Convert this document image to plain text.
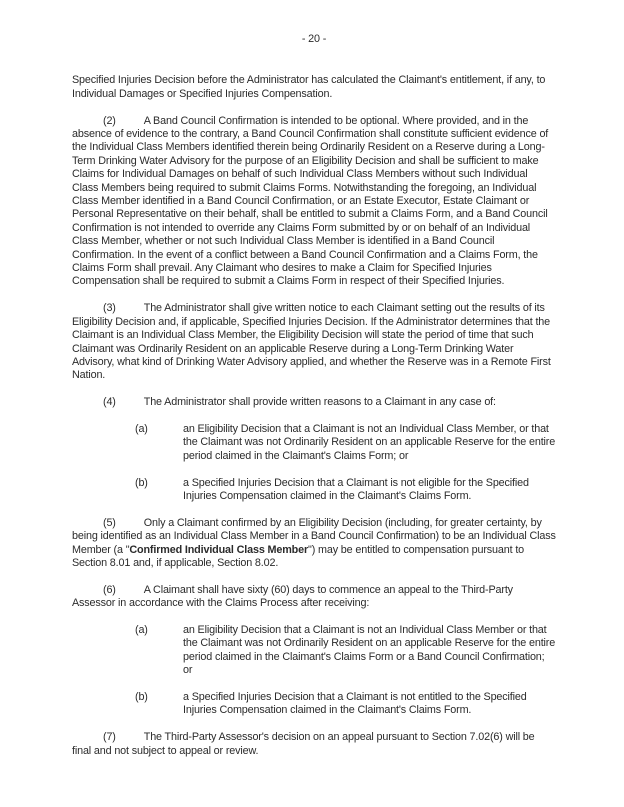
- 20 -

Specified Injuries Decision before the Administrator has calculated the Claimant's entitlement, if any, to Individual Damages or Specified Injuries Compensation.

(2)	A Band Council Confirmation is intended to be optional. Where provided, and in the absence of evidence to the contrary, a Band Council Confirmation shall constitute sufficient evidence of the Individual Class Members identified therein being Ordinarily Resident on a Reserve during a Long-Term Drinking Water Advisory for the purpose of an Eligibility Decision and shall be sufficient to make Claims for Individual Damages on behalf of such Individual Class Members without such Individual Class Members being required to submit Claims Forms. Notwithstanding the foregoing, an Individual Class Member identified in a Band Council Confirmation, or an Estate Executor, Estate Claimant or Personal Representative on their behalf, shall be entitled to submit a Claims Form, and a Band Council Confirmation is not intended to override any Claims Form submitted by or on behalf of an Individual Class Member, whether or not such Individual Class Member is identified in a Band Council Confirmation. In the event of a conflict between a Band Council Confirmation and a Claims Form, the Claims Form shall prevail. Any Claimant who desires to make a Claim for Specified Injuries Compensation shall be required to submit a Claims Form in respect of their Specified Injuries.

(3)	The Administrator shall give written notice to each Claimant setting out the results of its Eligibility Decision and, if applicable, Specified Injuries Decision. If the Administrator determines that the Claimant is an Individual Class Member, the Eligibility Decision will state the period of time that such Claimant was Ordinarily Resident on an applicable Reserve during a Long-Term Drinking Water Advisory, what kind of Drinking Water Advisory applied, and whether the Reserve was in a Remote First Nation.

(4)	The Administrator shall provide written reasons to a Claimant in any case of:

(a)	an Eligibility Decision that a Claimant is not an Individual Class Member, or that the Claimant was not Ordinarily Resident on an applicable Reserve for the entire period claimed in the Claimant's Claims Form; or
(b)	a Specified Injuries Decision that a Claimant is not eligible for the Specified Injuries Compensation claimed in the Claimant's Claims Form.

(5)	Only a Claimant confirmed by an Eligibility Decision (including, for greater certainty, by being identified as an Individual Class Member in a Band Council Confirmation) to be an Individual Class Member (a "Confirmed Individual Class Member") may be entitled to compensation pursuant to Section 8.01 and, if applicable, Section 8.02.

(6)	A Claimant shall have sixty (60) days to commence an appeal to the Third-Party Assessor in accordance with the Claims Process after receiving:

(a)	an Eligibility Decision that a Claimant is not an Individual Class Member or that the Claimant was not Ordinarily Resident on an applicable Reserve for the entire period claimed in the Claimant's Claims Form or a Band Council Confirmation; or
(b)	a Specified Injuries Decision that a Claimant is not entitled to the Specified Injuries Compensation claimed in the Claimant's Claims Form.

(7)	The Third-Party Assessor's decision on an appeal pursuant to Section 7.02(6) will be final and not subject to appeal or review.
